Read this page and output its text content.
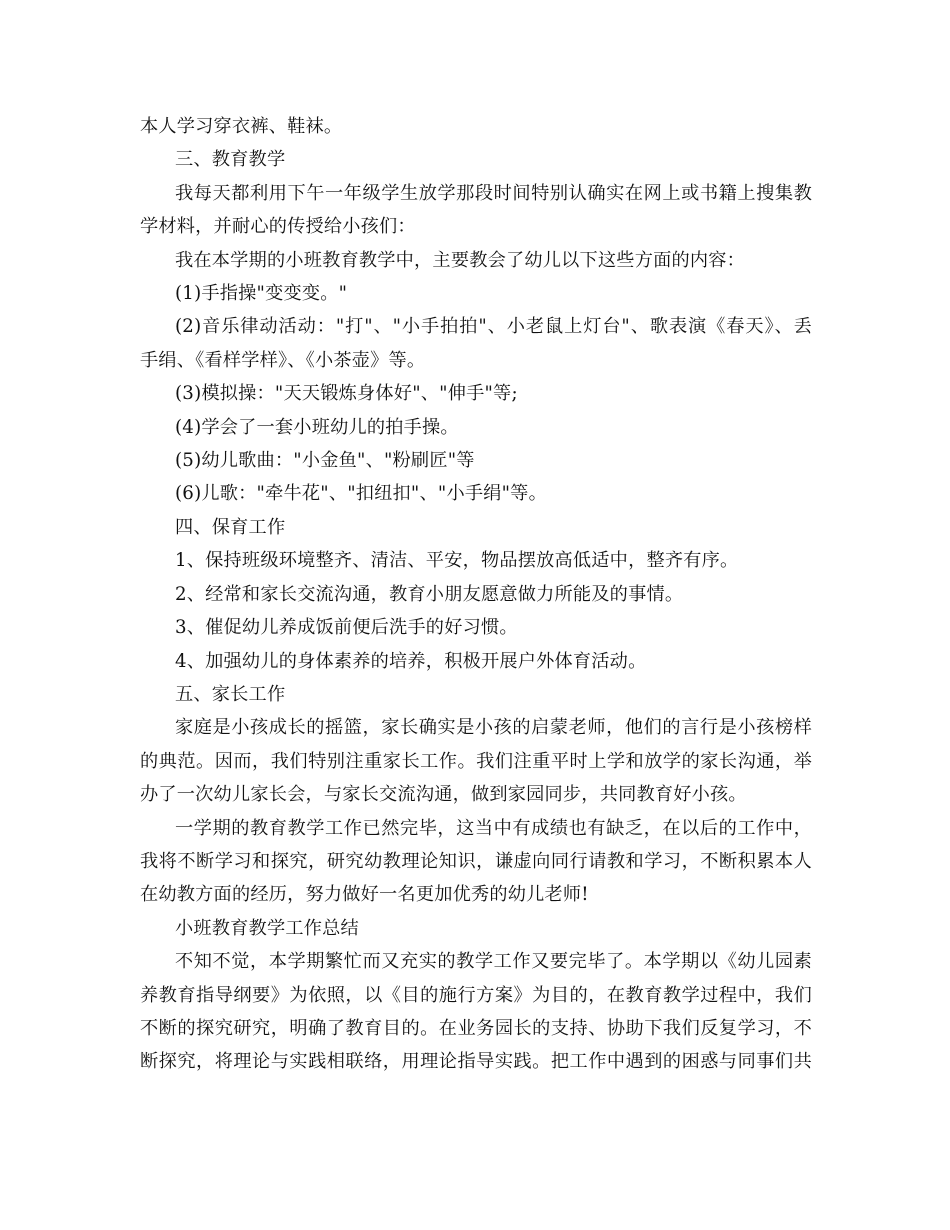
本人学习穿衣裤、鞋袜。
三、教育教学
我每天都利用下午一年级学生放学那段时间特别认确实在网上或书籍上搜集教
学材料，并耐心的传授给小孩们：
我在本学期的小班教育教学中，主要教会了幼儿以下这些方面的内容：
(1)手指操"变变变。"
(2)音乐律动活动："打"、"小手拍拍"、小老鼠上灯台"、歌表演《春天》、丢
手绢、《看样学样》、《小茶壶》等。
(3)模拟操："天天锻炼身体好"、"伸手"等;
(4)学会了一套小班幼儿的拍手操。
(5)幼儿歌曲："小金鱼"、"粉刷匠"等
(6)儿歌："牵牛花"、"扣纽扣"、"小手绢"等。
四、保育工作
1、保持班级环境整齐、清洁、平安，物品摆放高低适中，整齐有序。
2、经常和家长交流沟通，教育小朋友愿意做力所能及的事情。
3、催促幼儿养成饭前便后洗手的好习惯。
4、加强幼儿的身体素养的培养，积极开展户外体育活动。
五、家长工作
家庭是小孩成长的摇篮，家长确实是小孩的启蒙老师，他们的言行是小孩榜样
的典范。因而，我们特别注重家长工作。我们注重平时上学和放学的家长沟通，举
办了一次幼儿家长会，与家长交流沟通，做到家园同步，共同教育好小孩。
一学期的教育教学工作已然完毕，这当中有成绩也有缺乏，在以后的工作中，
我将不断学习和探究，研究幼教理论知识，谦虚向同行请教和学习，不断积累本人
在幼教方面的经历，努力做好一名更加优秀的幼儿老师!
小班教育教学工作总结
不知不觉，本学期繁忙而又充实的教学工作又要完毕了。本学期以《幼儿园素
养教育指导纲要》为依照，以《目的施行方案》为目的，在教育教学过程中，我们
不断的探究研究，明确了教育目的。在业务园长的支持、协助下我们反复学习，不
断探究，将理论与实践相联络，用理论指导实践。把工作中遇到的困惑与同事们共
